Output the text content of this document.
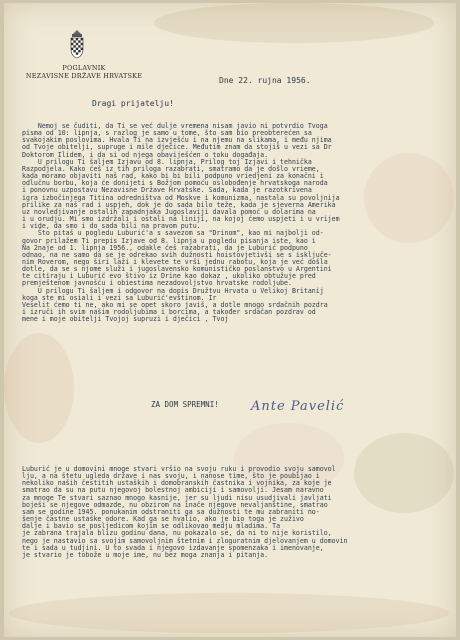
POGLAVNIK
NEZAVISNE DRŽAVE HRVATSKE	Dne 22. rujna 1956.
Dragi prijatelju!
Nemoj se čuditi, da Ti se već dulje vremena nisam javio ni potvrdio Tvoga
pisma od 10: lipnja, s razlog je samo u tome, što sam bio preobterećen sa
svakojakim poslovima. Hvala Ti na izvješću i na njemu na slikama, i među njima
od Tvoje obitelji, supruge i mile dječice. Međutim znam da stojiš u vezi sa Dr
Doktorom Ilidem, i da si od njega obaviješćen o toku događaja.
U prilogu Ti šaljem Izjavu od 8. lipnja, Prilog toj Izjavi i tehnička
Razpodjela. Kako ćeš iz tih priloga razabrati, smatramo da je došlo vrieme,
kada moramo objaviti naš rad, kako bi bi bili podpuno vriedjeni za konačni i
odlučnu borbu, koja će donijeti s Božjom pomoću oslobođenje hrvatskoga naroda
i ponovnu uzpostavu Nezavisne Države Hrvatske. Sada, kada je razotkrivena
igra izbočinjega Titina odredništva od Moskve i komunizma, nastala su povoljnija
prilike za naš rad i uspjeh, dok je do sada bilo teže, kada je sjeverna Amerika
uz novledjivanje ostalih zapadnjaka Jugoslaviji davala pomoć u dolarima na
i u orudju. Mi smo izdržali i ostali na liniji, na kojoj ćemo uspjeti i u vrijem
i vide, da smo i do sada bili na pravom putu.
Što pitaš u pogledu Luburić'a s savezom sa "Drinom", kao mi najbolji od-
govor prilažem Ti prepis Izjave od 8. lipnja u pogledu pisanja iste, kao i
Na 2naje od 1. lipnja 1956., odakle ćeš razabrati, da je Luburić podpuno
odnao, na ne samo da se je odrekao svih dužnosti hoistovjetivši se s isključe-
nim Roverom, nego širi laži i klevete te vrši jednu rabotu, koja je već došla
dotle, da se s njome služi i jugoslavensko komunističko poslanstvo u Argentini
te citiraju i Luburić evo štivo iz Drine kao dokaz , ukoliko obtužuje pred
premještenom javnošću i obiestima nezadovoljstvo hrvatske rodoljube.
U prilogu Ti šaljem i odgovor na dopis Družtvu Hrvata u Velikoj Britanij
koga ste mi osiali i vezi sa Luburić'evštinom. Ir
Veselit ćemo ti ne, ako mi se opet skoro javiš, a dotle mnogo srdačnih pozdra
i izruči ih svim našim rodoljubima i borcima, a također srdačan pozdrav od
mene i moje obitelji Tvojoj supruzi i dječici , Tvoj
ZA DOM SPREMNI! Ante Pavelić
Luburić je u domovini mnoge stvari vršio na svoju ruku i provodio svoju samovol
lju, a na štetu ugleda države i nas svoju, i nanose time, što je poubijao i
nekoliko naših čestitih ustaških i domobranskih častnika i vojnika, za koje je
smatrao da su na putu njegovoj bolestnoj ambiciji i samovolji. Jesam naravno
za mnoge Te stvari saznao mnogo kasnije, jer su ljudi nisu usudjivali javljati
boješi se njegove odmazde, nu obzirom na inače njegove nevaljanštine, smatrao
sam se godine 1945. ponukanim odstraniti ga sa dužnosti te mu zabraniti no-
šenje častne ustaške odore. Kad ga se hvalio, ako je bio toga je zuživo
dalje i bavio se posljedicom kojim se odlikovao medju mladima. Ta
je zabrana trajala blizu godinu dana, nu pokazalo se, da ni to nije koristilo,
nego je nastavio sa svojim samovoljnim štetnim i zloguratnim djelovanjem u domovin
te i sada u tudjini. U to svada i njegovo izdavanje spomenzaka i imenovanje,
je stvario je tobože u moje ime, nu bez moga znanja i pitanja.
